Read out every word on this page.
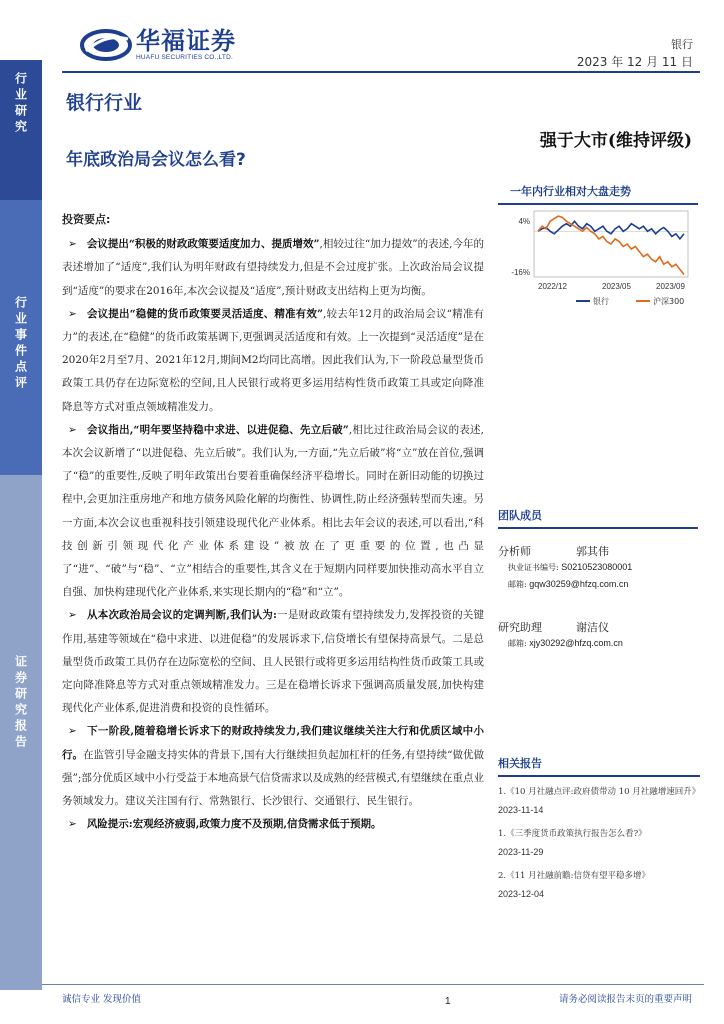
华福证券
HUAFU SECURITIES CO.,LTD.
银行
2023 年 12 月 11 日
行业研究
行业事件点评
证券研究报告
银行行业
年底政治局会议怎么看?
强于大市(维持评级)
投资要点:

➢ 会议提出“积极的财政政策要适度加力、提质增效”,相较过往“加力提效”的表述,今年的表述增加了“适度”,我们认为明年财政有望持续发力,但是不会过度扩张。上次政治局会议提到“适度”的要求在2016年,本次会议提及“适度”,预计财政支出结构上更为均衡。

➢ 会议提出“稳健的货币政策要灵活适度、精准有效”,较去年12月的政治局会议“精准有力”的表述,在“稳健”的货币政策基调下,更强调灵活适度和有效。上一次提到“灵活适度”是在2020年2月至7月、2021年12月,期间M2均同比高增。因此我们认为,下一阶段总量型货币政策工具仍存在边际宽松的空间,且人民银行或将更多运用结构性货币政策工具或定向降准降息等方式对重点领域精准发力。

➢ 会议指出,“明年要坚持稳中求进、以进促稳、先立后破”,相比过往政治局会议的表述,本次会议新增了“以进促稳、先立后破”。我们认为,一方面,“先立后破”将“立”放在首位,强调了“稳”的重要性,反映了明年政策出台要着重确保经济平稳增长。同时在新旧动能的切换过程中,会更加注重房地产和地方债务风险化解的均衡性、协调性,防止经济强转型而失速。另一方面,本次会议也重视科技引领建设现代化产业体系。相比去年会议的表述,可以看出,“科技创新引领现代化产业体系建设”被放在了更重要的位置,也凸显了“进”、“破”与“稳”、“立”相结合的重要性,其含义在于短期内同样要加快推动高水平自立自强、加快构建现代化产业体系,来实现长期内的“稳”和“立”。

➢ 从本次政治局会议的定调判断,我们认为:一是财政政策有望持续发力,发挥投资的关键作用,基建等领域在“稳中求进、以进促稳”的发展诉求下,信贷增长有望保持高景气。二是总量型货币政策工具仍存在边际宽松的空间、且人民银行或将更多运用结构性货币政策工具或定向降准降息等方式对重点领域精准发力。三是在稳增长诉求下强调高质量发展,加快构建现代化产业体系,促进消费和投资的良性循环。

➢ 下一阶段,随着稳增长诉求下的财政持续发力,我们建议继续关注大行和优质区域中小行。在监管引导金融支持实体的背景下,国有大行继续担负起加杠杆的任务,有望持续“做优做强”;部分优质区域中小行受益于本地高景气信贷需求以及成熟的经营模式,有望继续在重点业务领域发力。建议关注国有行、常熟银行、长沙银行、交通银行、民生银行。

➢ 风险提示:宏观经济疲弱,政策力度不及预期,信贷需求低于预期。

一年内行业相对大盘走势
4%
-16%
2022/12	2023/05	2023/09
银行	沪深300
团队成员
分析师	郭其伟
执业证书编号: S0210523080001
邮箱: gqw30259@hfzq.com.cn
研究助理	谢洁仪
邮箱: xjy30292@hfzq.com.cn
相关报告
1.《10 月社融点评:政府债带动 10 月社融增速回升》
2023-11-14
1.《三季度货币政策执行报告怎么看?》
2023-11-29
2.《11 月社融前瞻:信贷有望平稳多增》
2023-12-04
诚信专业 发现价值	1	请务必阅读报告末页的重要声明
